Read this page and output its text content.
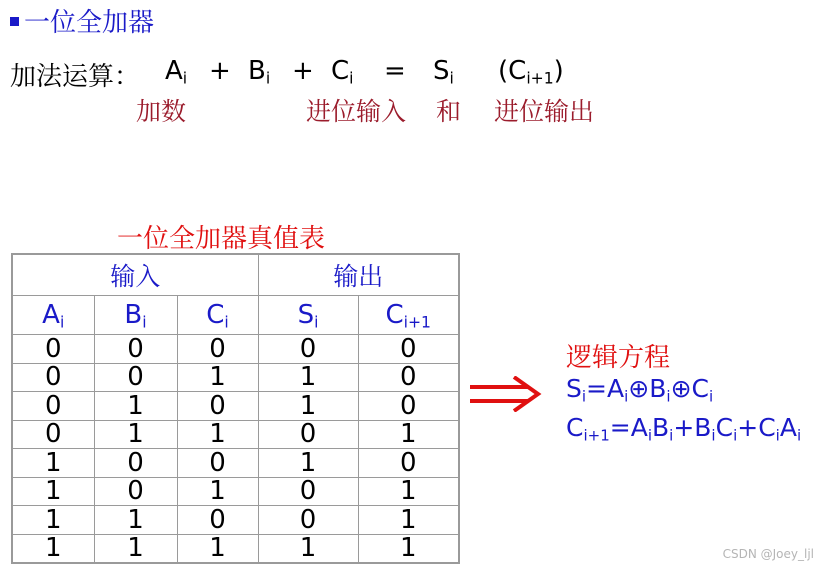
一位全加器
加法运算： $A_i + B_i + C_i = S_i$ $(C_{i+1})$
加数	进位输入 和 进位输出
一位全加器真值表
输入			输出	
$A_i$	$B_i$	$C_i$	$S_i$	$C_{i+1}$
0	0	0	0	0
0	0	1	1	0
0	1	0	1	0
0	1	1	0	1
1	0	0	1	0
1	0	1	0	1
1	1	0	0	1
1	1	1	1	1
逻辑方程
$S_i=A_i\oplus B_i\oplus C_i$
$C_{i+1}=A_iB_i+B_iC_i+C_iA_i$
CSDN @Joey_ljl
